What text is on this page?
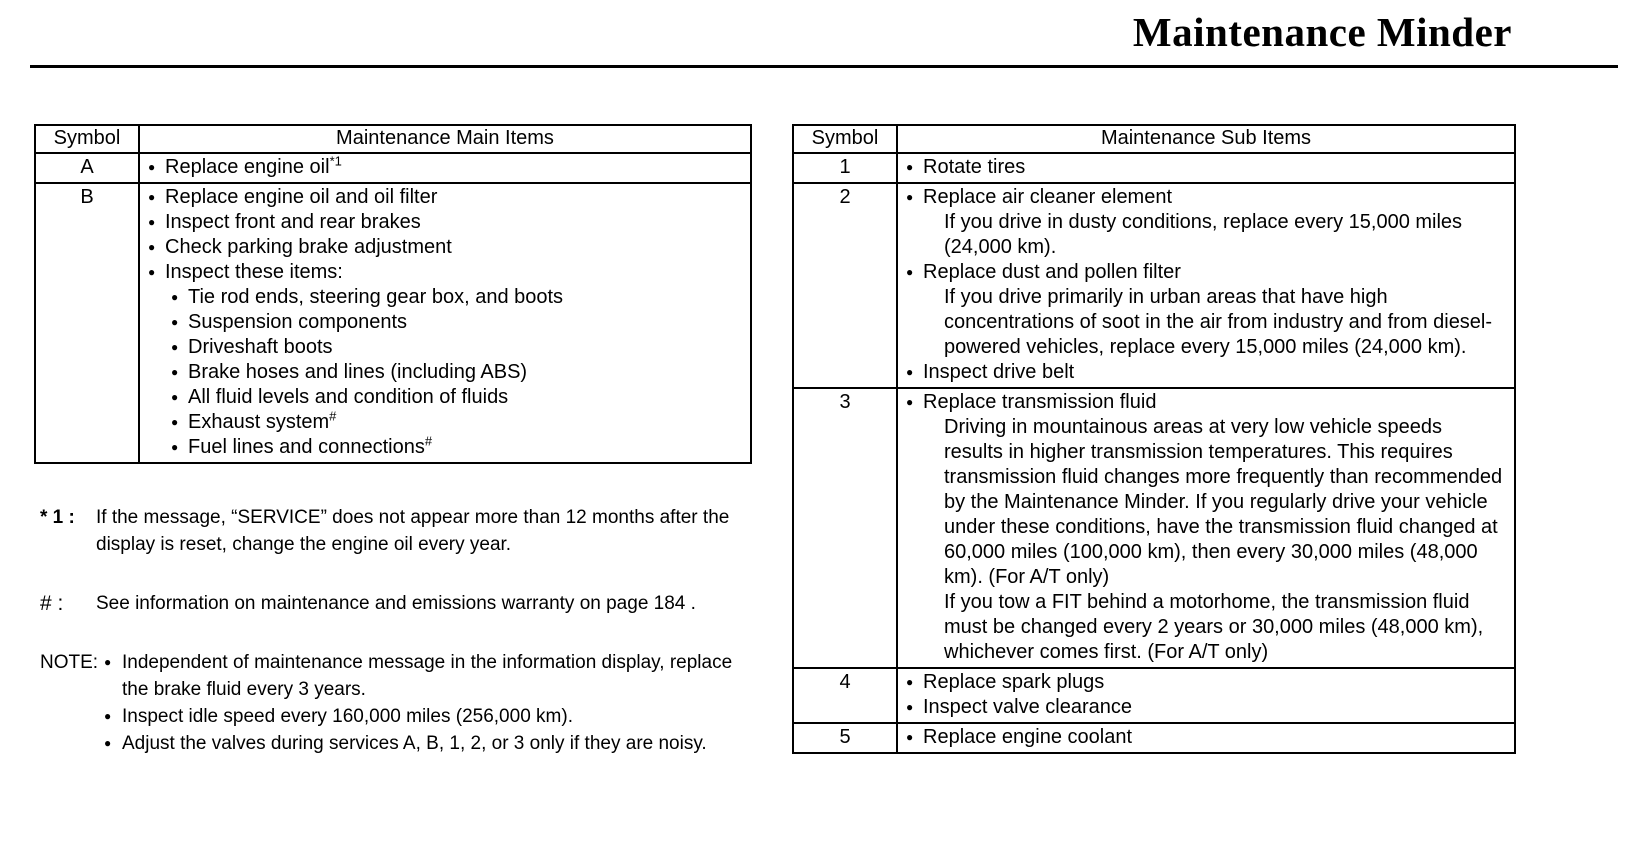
Maintenance Minder
Symbol	Maintenance Main Items
A	● Replace engine oil$^{*1}$

B	● Replace engine oil and oil filter
● Inspect front and rear brakes
● Check parking brake adjustment
● Inspect these items:
● Tie rod ends, steering gear box, and boots
● Suspension components
● Driveshaft boots
● Brake hoses and lines (including ABS)
● All fluid levels and condition of fluids
● Exhaust system#
● Fuel lines and connections#
* 1 :	If the message, “SERVICE” does not appear more than 12 months after the display is reset, change the engine oil every year.
# :	See information on maintenance and emissions warranty on page 184 .
NOTE: ● Independent of maintenance message in the information display, replace the brake fluid every 3 years.
● Inspect idle speed every 160,000 miles (256,000 km).
● Adjust the valves during services A, B, 1, 2, or 3 only if they are noisy.
Symbol	Maintenance Sub Items
1	● Rotate tires

2	● Replace air cleaner element
If you drive in dusty conditions, replace every 15,000 miles (24,000 km).
● Replace dust and pollen filter
If you drive primarily in urban areas that have high concentrations of soot in the air from industry and from diesel-powered vehicles, replace every 15,000 miles (24,000 km).
● Inspect drive belt

3	● Replace transmission fluid
Driving in mountainous areas at very low vehicle speeds results in higher transmission temperatures. This requires transmission fluid changes more frequently than recommended by the Maintenance Minder. If you regularly drive your vehicle under these conditions, have the transmission fluid changed at 60,000 miles (100,000 km), then every 30,000 miles (48,000 km). (For A/T only)
If you tow a FIT behind a motorhome, the transmission fluid must be changed every 2 years or 30,000 miles (48,000 km), whichever comes first. (For A/T only)

4	● Replace spark plugs
● Inspect valve clearance

5	● Replace engine coolant
